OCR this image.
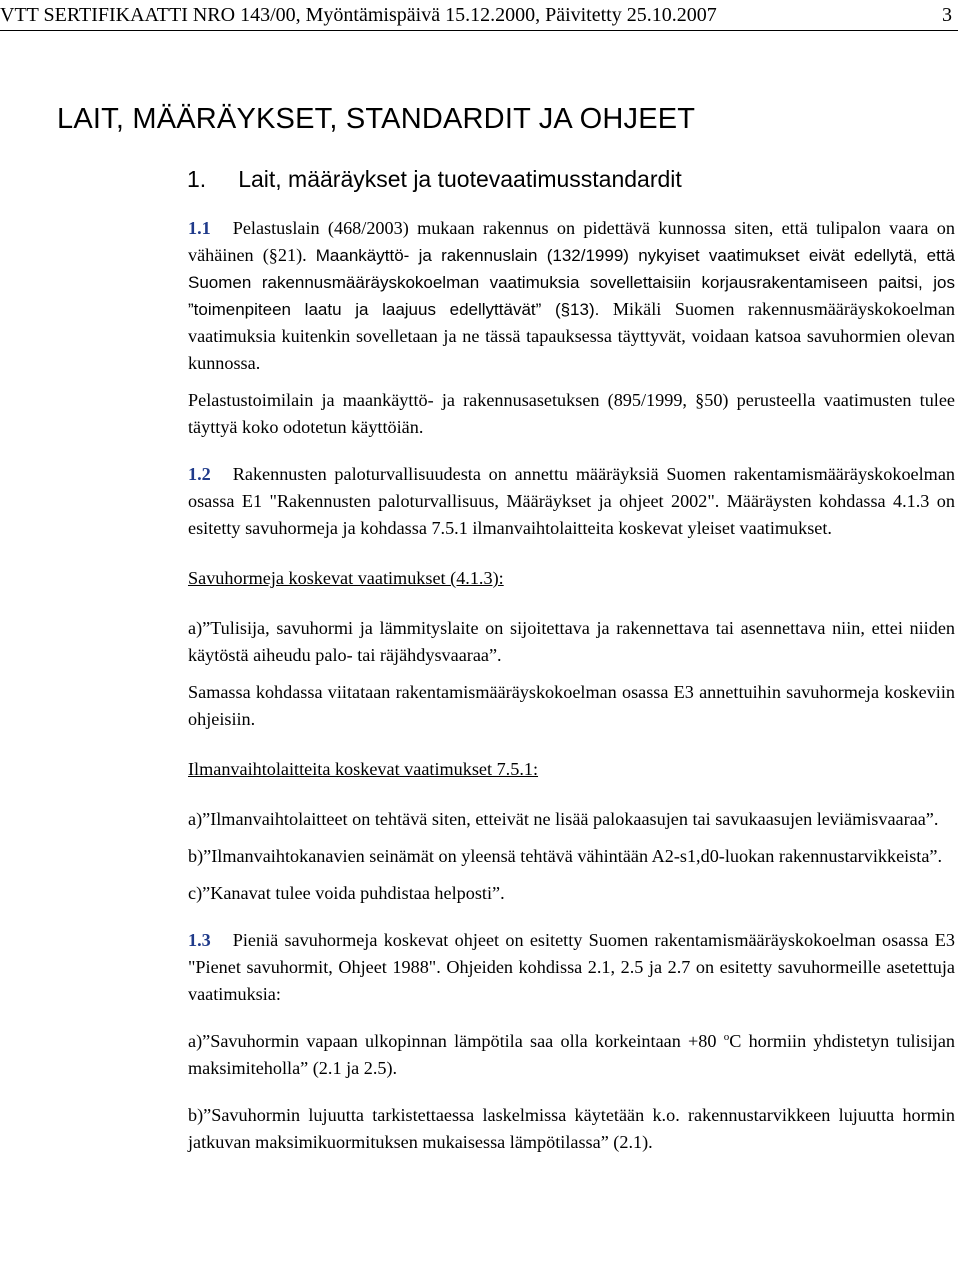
VTT SERTIFIKAATTI NRO 143/00, Myöntämispäivä 15.12.2000, Päivitetty 25.10.2007	3
LAIT, MÄÄRÄYKSET, STANDARDIT JA OHJEET
1. Lait, määräykset ja tuotevaatimusstandardit

1.1 Pelastuslain (468/2003) mukaan rakennus on pidettävä kunnossa siten, että tulipalon vaara on vähäinen (§21). Maankäyttö- ja rakennuslain (132/1999) nykyiset vaatimukset eivät edellytä, että Suomen rakennusmääräyskokoelman vaatimuksia sovellettaisiin korjausrakentamiseen paitsi, jos ”toimenpiteen laatu ja laajuus edellyttävät” (§13). Mikäli Suomen rakennusmääräyskokoelman vaatimuksia kuitenkin sovelletaan ja ne tässä tapauksessa täyttyvät, voidaan katsoa savuhormien olevan kunnossa.

Pelastustoimilain ja maankäyttö- ja rakennusasetuksen (895/1999, §50) perusteella vaatimusten tulee täyttyä koko odotetun käyttöiän.

1.2 Rakennusten paloturvallisuudesta on annettu määräyksiä Suomen rakentamismääräyskokoelman osassa E1 "Rakennusten paloturvallisuus, Määräykset ja ohjeet 2002". Määräysten kohdassa 4.1.3 on esitetty savuhormeja ja kohdassa 7.5.1 ilmanvaihtolaitteita koskevat yleiset vaatimukset.

Savuhormeja koskevat vaatimukset (4.1.3):

a)”Tulisija, savuhormi ja lämmityslaite on sijoitettava ja rakennettava tai asennettava niin, ettei niiden käytöstä aiheudu palo- tai räjähdysvaaraa”.

Samassa kohdassa viitataan rakentamismääräyskokoelman osassa E3 annettuihin savuhormeja koskeviin ohjeisiin.

Ilmanvaihtolaitteita koskevat vaatimukset 7.5.1:

a)”Ilmanvaihtolaitteet on tehtävä siten, etteivät ne lisää palokaasujen tai savukaasujen leviämisvaaraa”.

b)”Ilmanvaihtokanavien seinämät on yleensä tehtävä vähintään A2-s1,d0-luokan rakennustarvikkeista”.

c)”Kanavat tulee voida puhdistaa helposti”.

1.3 Pieniä savuhormeja koskevat ohjeet on esitetty Suomen rakentamismääräyskokoelman osassa E3 "Pienet savuhormit, Ohjeet 1988". Ohjeiden kohdissa 2.1, 2.5 ja 2.7 on esitetty savuhormeille asetettuja vaatimuksia:

a)”Savuhormin vapaan ulkopinnan lämpötila saa olla korkeintaan +80 $^o$C hormiin yhdistetyn tulisijan maksimiteholla” (2.1 ja 2.5).

b)”Savuhormin lujuutta tarkistettaessa laskelmissa käytetään k.o. rakennustarvikkeen lujuutta hormin jatkuvan maksimikuormituksen mukaisessa lämpötilassa” (2.1).
